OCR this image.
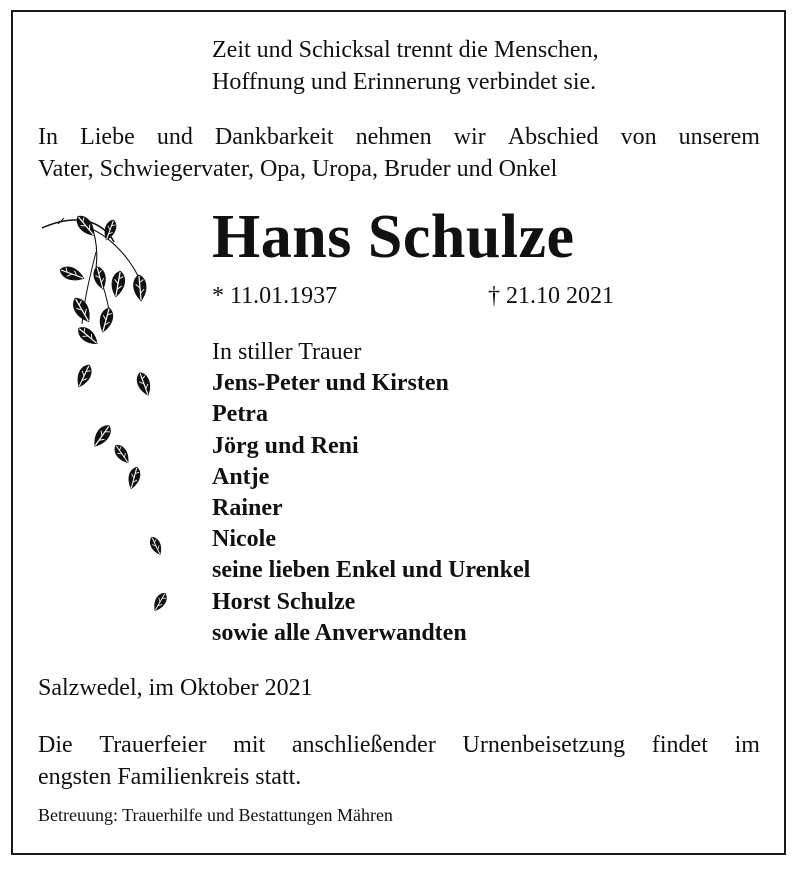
Zeit und Schicksal trennt die Menschen,
Hoffnung und Erinnerung verbindet sie.
In Liebe und Dankbarkeit nehmen wir Abschied von unserem
Vater, Schwiegervater, Opa, Uropa, Bruder und Onkel
Hans Schulze
* 11.01.1937	† 21.10 2021
In stiller Trauer
Jens-Peter und Kirsten
Petra
Jörg und Reni
Antje
Rainer
Nicole
seine lieben Enkel und Urenkel
Horst Schulze
sowie alle Anverwandten
Salzwedel, im Oktober 2021
Die Trauerfeier mit anschließender Urnenbeisetzung findet im
engsten Familienkreis statt.
Betreuung: Trauerhilfe und Bestattungen Mähren
